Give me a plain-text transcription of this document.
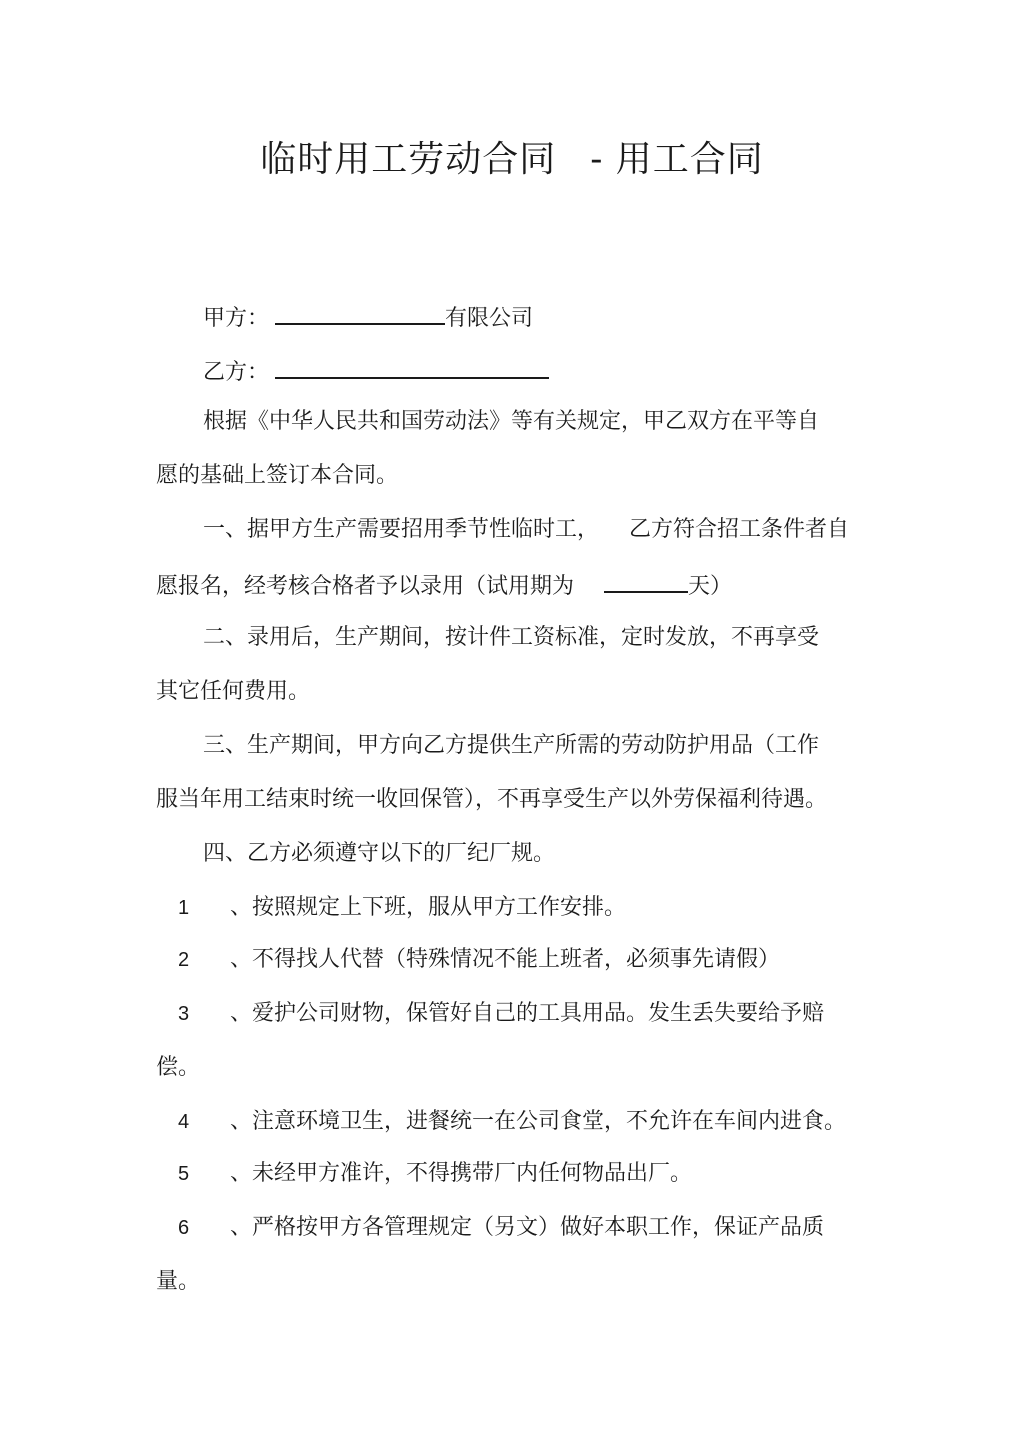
临时用工劳动合同 - 用工合同
甲方：	有限公司
乙方：
根据《中华人民共和国劳动法》等有关规定，甲乙双方在平等自
愿的基础上签订本合同。
一、据甲方生产需要招用季节性临时工， 乙方符合招工条件者自
愿报名，经考核合格者予以录用（试用期为	天）
二、录用后，生产期间，按计件工资标准，定时发放，不再享受
其它任何费用。
三、生产期间，甲方向乙方提供生产所需的劳动防护用品（工作
服当年用工结束时统一收回保管），不再享受生产以外劳保福利待遇。
四、乙方必须遵守以下的厂纪厂规。
1 、按照规定上下班，服从甲方工作安排。
2 、不得找人代替（特殊情况不能上班者，必须事先请假）
3 、爱护公司财物，保管好自己的工具用品。发生丢失要给予赔
偿。
4 、注意环境卫生，进餐统一在公司食堂，不允许在车间内进食。
5 、未经甲方准许，不得携带厂内任何物品出厂。
6 、严格按甲方各管理规定（另文）做好本职工作，保证产品质
量。
